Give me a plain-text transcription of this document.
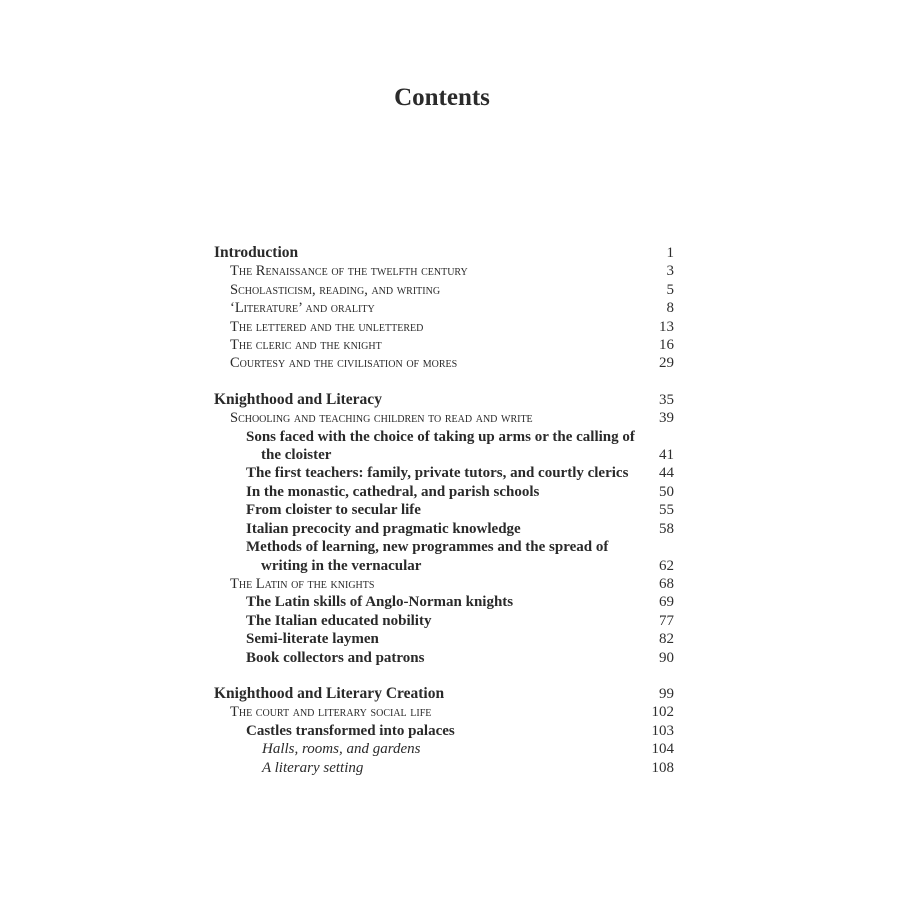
Contents
Introduction	1
The Renaissance of the twelfth century	3
Scholasticism, reading, and writing	5
‘Literature’ and orality	8
The lettered and the unlettered	13
The cleric and the knight	16
Courtesy and the civilisation of mores	29
Knighthood and Literacy	35
Schooling and teaching children to read and write	39
Sons faced with the choice of taking up arms or the calling of the cloister	41
The first teachers: family, private tutors, and courtly clerics	44
In the monastic, cathedral, and parish schools	50
From cloister to secular life	55
Italian precocity and pragmatic knowledge	58
Methods of learning, new programmes and the spread of writing in the vernacular	62
The Latin of the knights	68
The Latin skills of Anglo-Norman knights	69
The Italian educated nobility	77
Semi-literate laymen	82
Book collectors and patrons	90
Knighthood and Literary Creation	99
The court and literary social life	102
Castles transformed into palaces	103
Halls, rooms, and gardens	104
A literary setting	108
